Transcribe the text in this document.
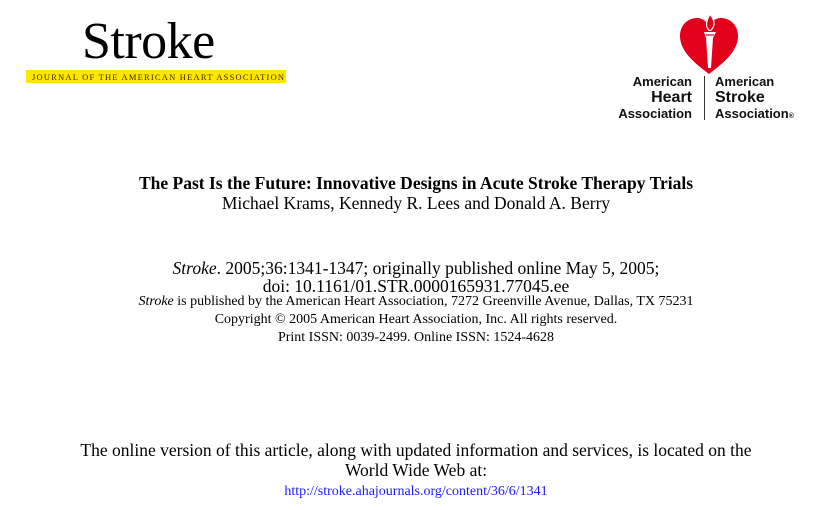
Stroke
JOURNAL OF THE AMERICAN HEART ASSOCIATION	American
Heart
Association
American
Stroke
Association®
The Past Is the Future: Innovative Designs in Acute Stroke Therapy Trials
Michael Krams, Kennedy R. Lees and Donald A. Berry
Stroke. 2005;36:1341-1347; originally published online May 5, 2005;
doi: 10.1161/01.STR.0000165931.77045.ee
Stroke is published by the American Heart Association, 7272 Greenville Avenue, Dallas, TX 75231
Copyright © 2005 American Heart Association, Inc. All rights reserved.
Print ISSN: 0039-2499. Online ISSN: 1524-4628
The online version of this article, along with updated information and services, is located on the
World Wide Web at:
http://stroke.ahajournals.org/content/36/6/1341
